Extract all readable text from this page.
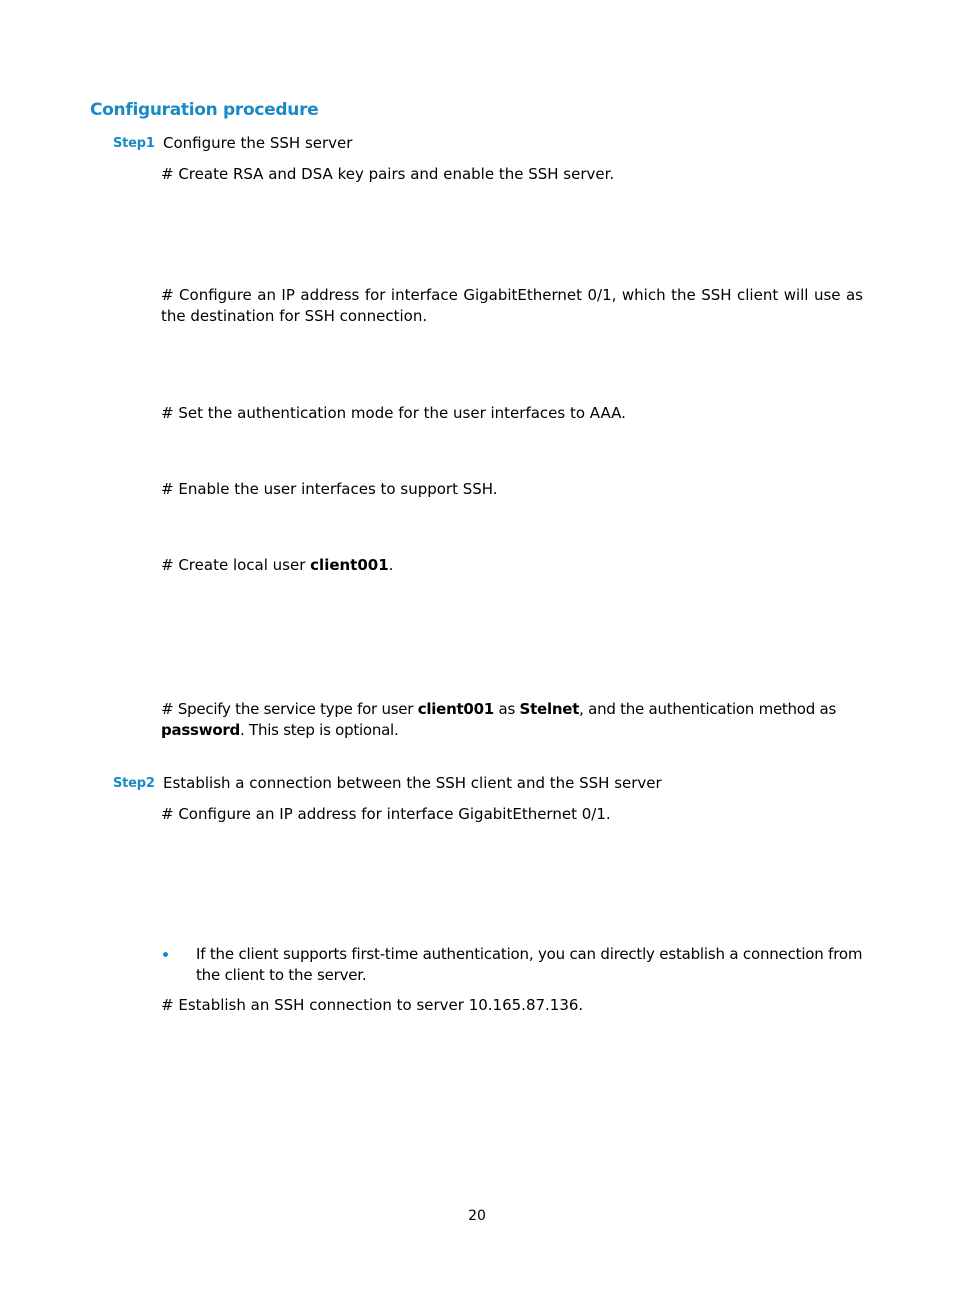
Configuration procedure
Step1 Configure the SSH server
# Create RSA and DSA key pairs and enable the SSH server.
# Configure an IP address for interface GigabitEthernet 0/1, which the SSH client will use as the destination for SSH connection.
# Set the authentication mode for the user interfaces to AAA.
# Enable the user interfaces to support SSH.
# Create local user client001.
# Specify the service type for user client001 as Stelnet, and the authentication method as password. This step is optional.
Step2 Establish a connection between the SSH client and the SSH server
# Configure an IP address for interface GigabitEthernet 0/1.
If the client supports first-time authentication, you can directly establish a connection from the client to the server.
# Establish an SSH connection to server 10.165.87.136.
20
